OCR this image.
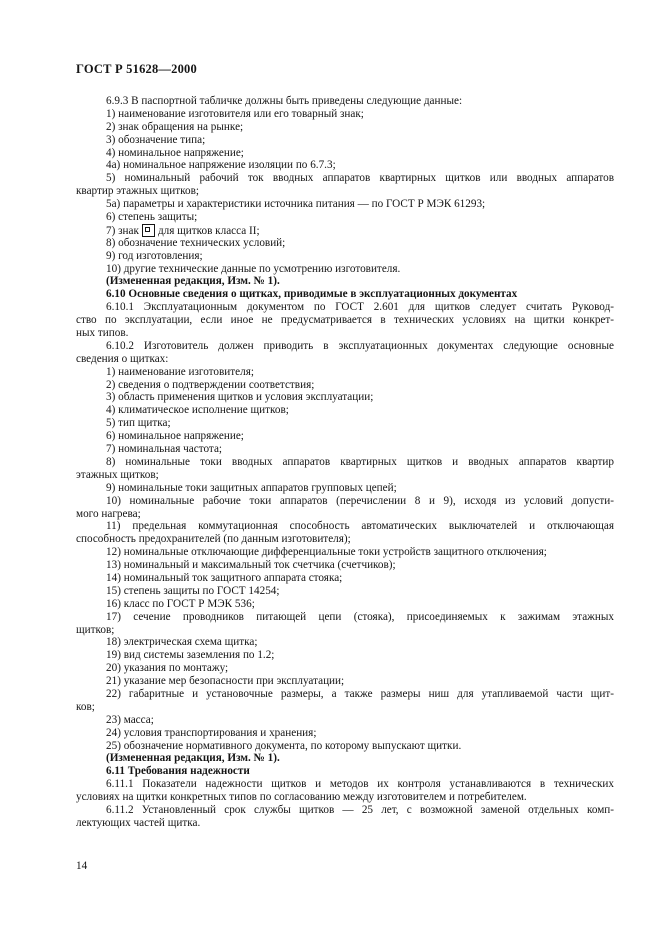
ГОСТ Р 51628—2000
6.9.3 В паспортной табличке должны быть приведены следующие данные:
1) наименование изготовителя или его товарный знак;
2) знак обращения на рынке;
3) обозначение типа;
4) номинальное напряжение;
4а) номинальное напряжение изоляции по 6.7.3;
5) номинальный рабочий ток вводных аппаратов квартирных щитков или вводных аппаратов
квартир этажных щитков;
5а) параметры и характеристики источника питания — по ГОСТ Р МЭК 61293;
6) степень защиты;
7) знак для щитков класса II;
8) обозначение технических условий;
9) год изготовления;
10) другие технические данные по усмотрению изготовителя.
(Измененная редакция, Изм. № 1).
6.10 Основные сведения о щитках, приводимые в эксплуатационных документах
6.10.1 Эксплуатационным документом по ГОСТ 2.601 для щитков следует считать Руковод-
ство по эксплуатации, если иное не предусматривается в технических условиях на щитки конкрет-
ных типов.
6.10.2 Изготовитель должен приводить в эксплуатационных документах следующие основные
сведения о щитках:
1) наименование изготовителя;
2) сведения о подтверждении соответствия;
3) область применения щитков и условия эксплуатации;
4) климатическое исполнение щитков;
5) тип щитка;
6) номинальное напряжение;
7) номинальная частота;
8) номинальные токи вводных аппаратов квартирных щитков и вводных аппаратов квартир
этажных щитков;
9) номинальные токи защитных аппаратов групповых цепей;
10) номинальные рабочие токи аппаратов (перечислении 8 и 9), исходя из условий допусти-
мого нагрева;
11) предельная коммутационная способность автоматических выключателей и отключающая
способность предохранителей (по данным изготовителя);
12) номинальные отключающие дифференциальные токи устройств защитного отключения;
13) номинальный и максимальный ток счетчика (счетчиков);
14) номинальный ток защитного аппарата стояка;
15) степень защиты по ГОСТ 14254;
16) класс по ГОСТ Р МЭК 536;
17) сечение проводников питающей цепи (стояка), присоединяемых к зажимам этажных
щитков;
18) электрическая схема щитка;
19) вид системы заземления по 1.2;
20) указания по монтажу;
21) указание мер безопасности при эксплуатации;
22) габаритные и установочные размеры, а также размеры ниш для утапливаемой части щит-
ков;
23) масса;
24) условия транспортирования и хранения;
25) обозначение нормативного документа, по которому выпускают щитки.
(Измененная редакция, Изм. № 1).
6.11 Требования надежности
6.11.1 Показатели надежности щитков и методов их контроля устанавливаются в технических
условиях на щитки конкретных типов по согласованию между изготовителем и потребителем.
6.11.2 Установленный срок службы щитков — 25 лет, с возможной заменой отдельных комп-
лектующих частей щитка.
14
